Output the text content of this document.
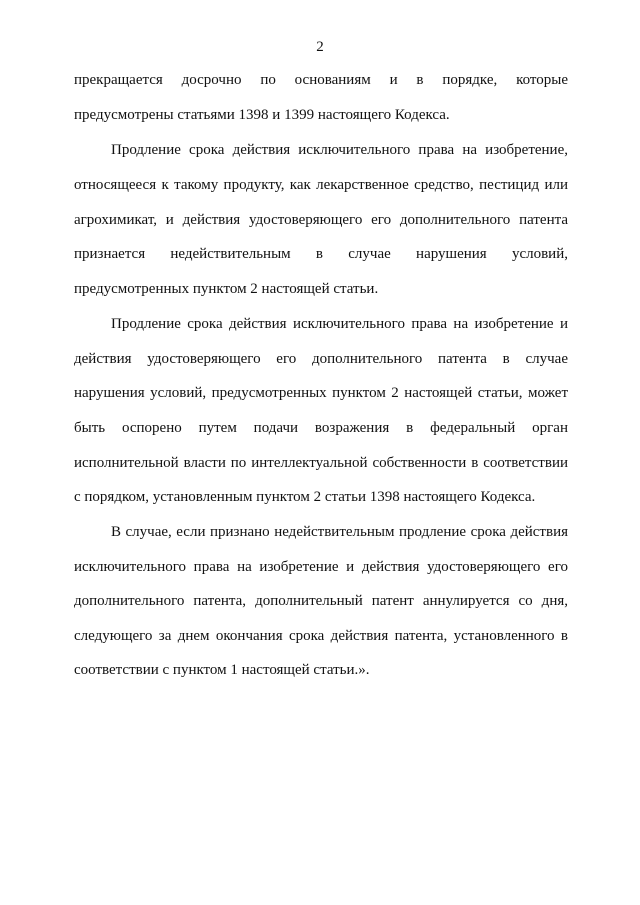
2
прекращается досрочно по основаниям и в порядке, которые
предусмотрены статьями 1398 и 1399 настоящего Кодекса.
Продление срока действия исключительного права на изобретение,
относящееся к такому продукту, как лекарственное средство, пестицид или
агрохимикат, и действия удостоверяющего его дополнительного патента
признается недействительным в случае нарушения условий,
предусмотренных пунктом 2 настоящей статьи.
Продление срока действия исключительного права на изобретение и
действия удостоверяющего его дополнительного патента в случае
нарушения условий, предусмотренных пунктом 2 настоящей статьи, может
быть оспорено путем подачи возражения в федеральный орган
исполнительной власти по интеллектуальной собственности в соответствии
с порядком, установленным пунктом 2 статьи 1398 настоящего Кодекса.
В случае, если признано недействительным продление срока действия
исключительного права на изобретение и действия удостоверяющего его
дополнительного патента, дополнительный патент аннулируется со дня,
следующего за днем окончания срока действия патента, установленного в
соответствии с пунктом 1 настоящей статьи.».
